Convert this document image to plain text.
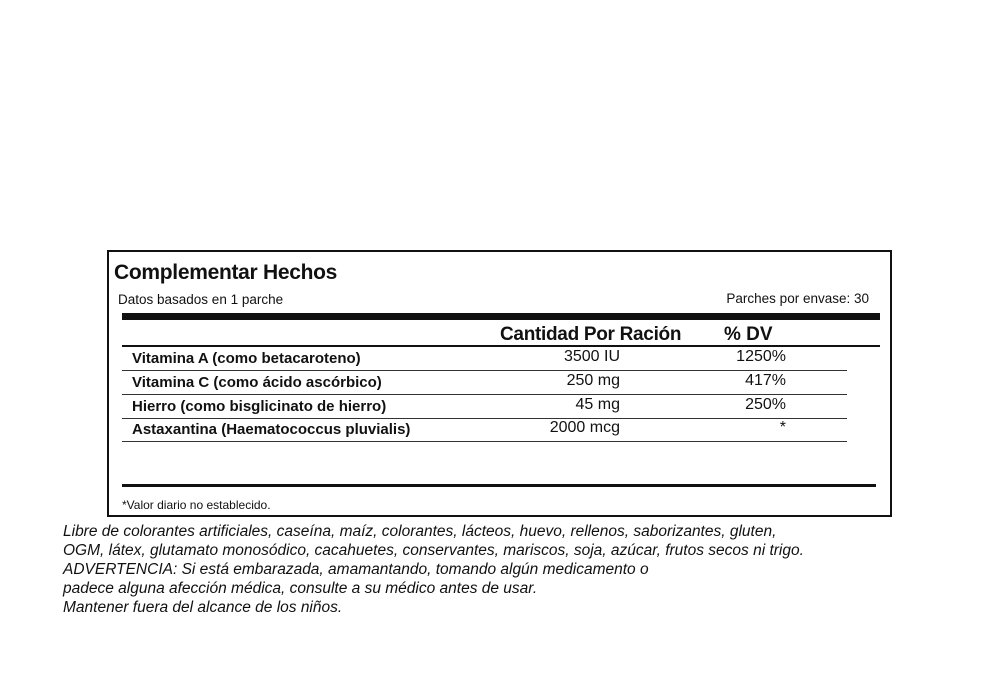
Complementar Hechos
Datos basados en 1 parche	Parches por envase: 30
Cantidad Por Ración % DV
Vitamina A (como betacaroteno)	3500 IU	1250%
Vitamina C (como ácido ascórbico)	250 mg	417%
Hierro (como bisglicinato de hierro)	45 mg	250%
Astaxantina (Haematococcus pluvialis)	2000 mcg	*
*Valor diario no establecido.
Libre de colorantes artificiales, caseína, maíz, colorantes, lácteos, huevo, rellenos, saborizantes, gluten,
OGM, látex, glutamato monosódico, cacahuetes, conservantes, mariscos, soja, azúcar, frutos secos ni trigo.
ADVERTENCIA: Si está embarazada, amamantando, tomando algún medicamento o
padece alguna afección médica, consulte a su médico antes de usar.
Mantener fuera del alcance de los niños.
